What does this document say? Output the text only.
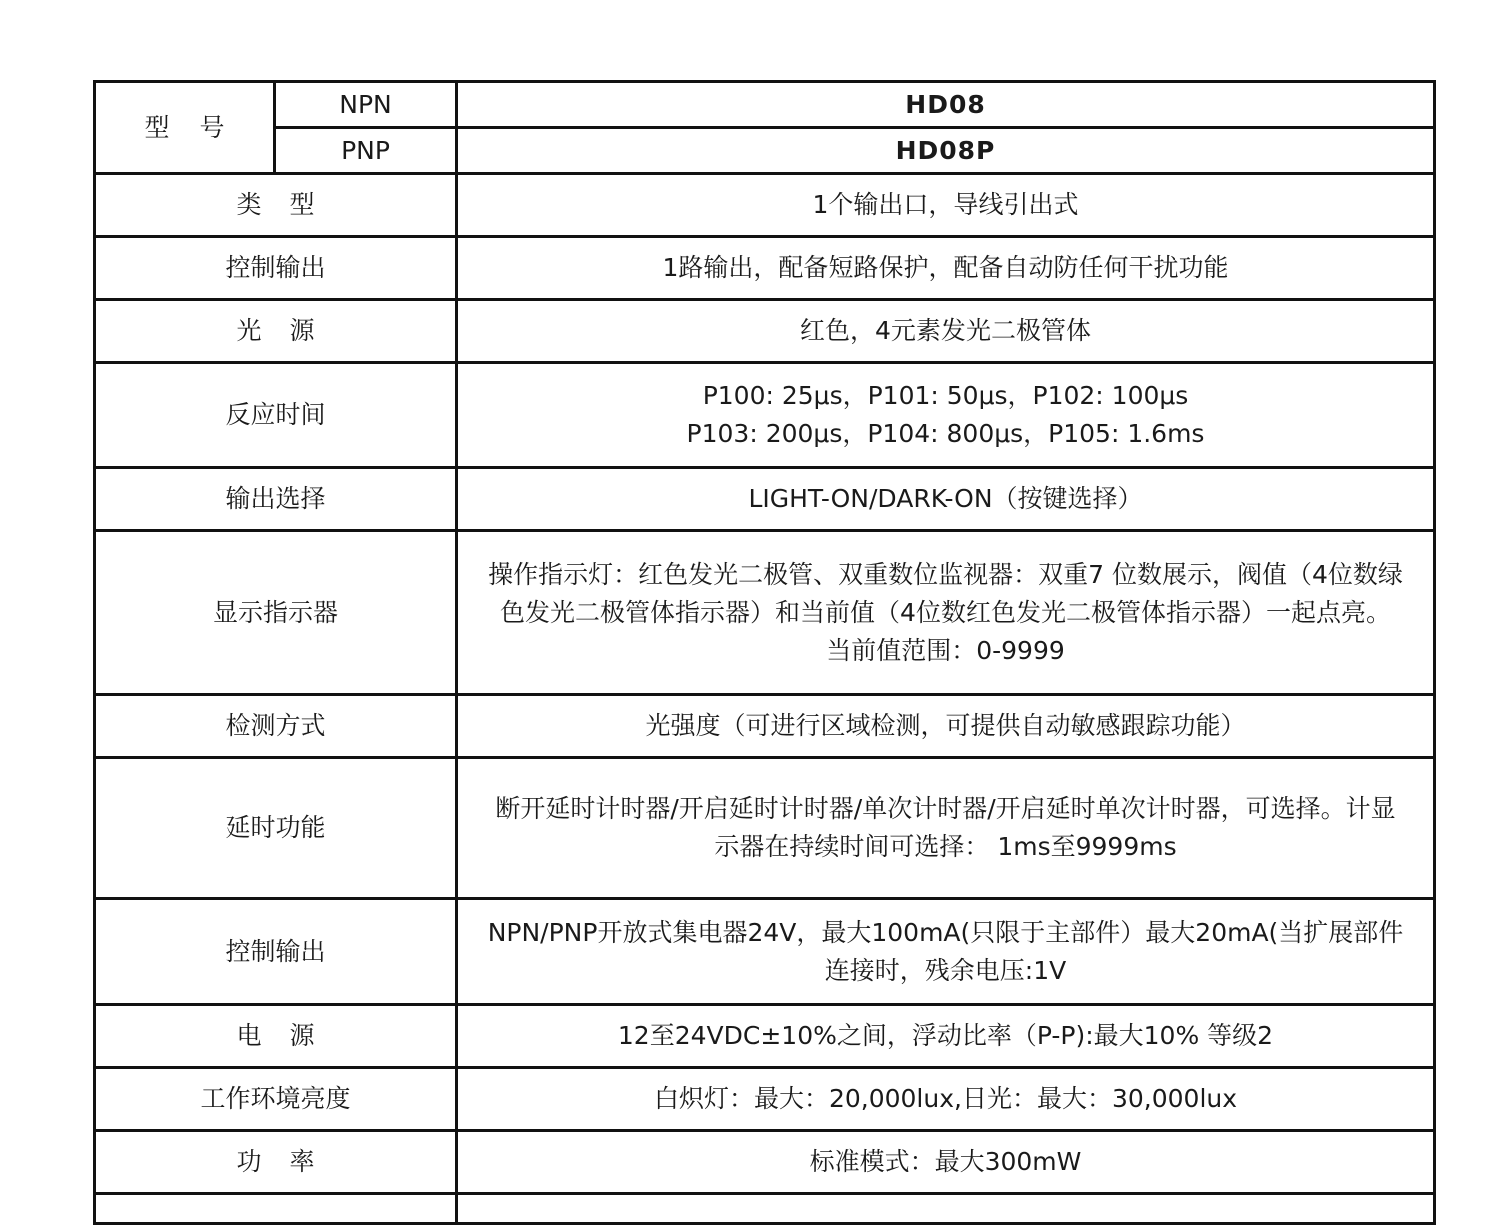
型号	NPN	HD08
	PNP	HD08P
类型		1个输出口，导线引出式

控制输出		1路输出，配备短路保护，配备自动防任何干扰功能

光源		红色，4元素发光二极管体

反应时间		P100: 25μs，P101: 50μs，P102: 100μs
P103: 200μs，P104: 800μs，P105: 1.6ms

输出选择		LIGHT-ON/DARK-ON（按键选择）

显示指示器		操作指示灯：红色发光二极管、双重数位监视器：双重7 位数展示，阀值（4位数绿
色发光二极管体指示器）和当前值（4位数红色发光二极管体指示器）一起点亮。
当前值范围：0-9999

检测方式		光强度（可进行区域检测，可提供自动敏感跟踪功能）

延时功能		断开延时计时器/开启延时计时器/单次计时器/开启延时单次计时器，可选择。计显
示器在持续时间可选择： 1ms至9999ms

控制输出		NPN/PNP开放式集电器24V，最大100mA(只限于主部件）最大20mA(当扩展部件
连接时，残余电压:1V

电源		12至24VDC±10%之间，浮动比率（P-P):最大10% 等级2

工作环境亮度		白炽灯：最大：20,000lux,日光：最大：30,000lux

功率		标准模式：最大300mW
